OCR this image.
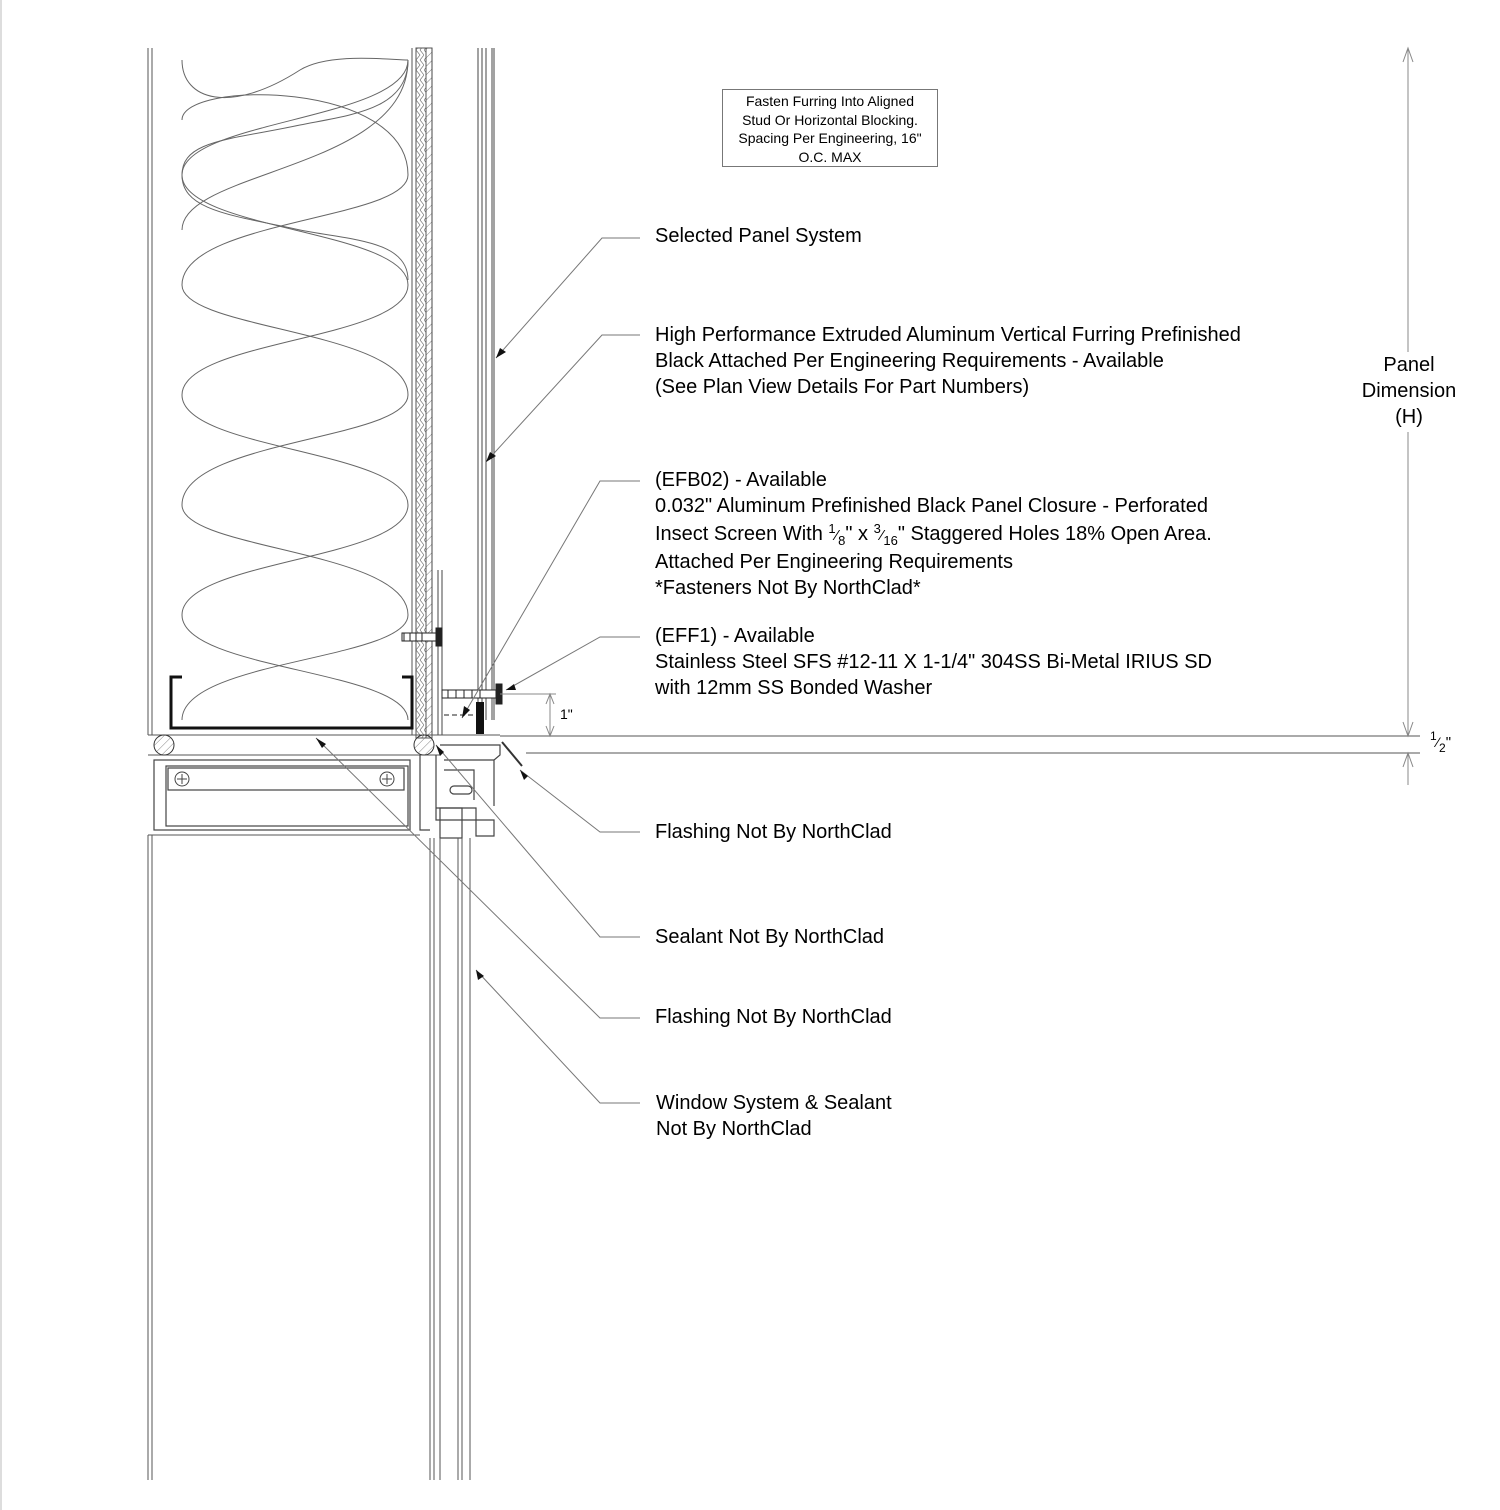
Fasten Furring Into Aligned
Stud Or Horizontal Blocking.
Spacing Per Engineering, 16"
O.C. MAX
Selected Panel System
High Performance Extruded Aluminum Vertical Furring Prefinished
Black Attached Per Engineering Requirements - Available
(See Plan View Details For Part Numbers)
(EFB02) - Available
0.032" Aluminum Prefinished Black Panel Closure - Perforated
Insect Screen With 1⁄8" x 3⁄16" Staggered Holes 18% Open Area.
Attached Per Engineering Requirements
*Fasteners Not By NorthClad*
(EFF1) - Available
Stainless Steel SFS #12-11 X 1-1/4" 304SS Bi-Metal IRIUS SD
with 12mm SS Bonded Washer
Flashing Not By NorthClad
Sealant Not By NorthClad
Flashing Not By NorthClad
Window System & Sealant
Not By NorthClad
Panel
Dimension
(H)
1"
$^1⁄_2$"
